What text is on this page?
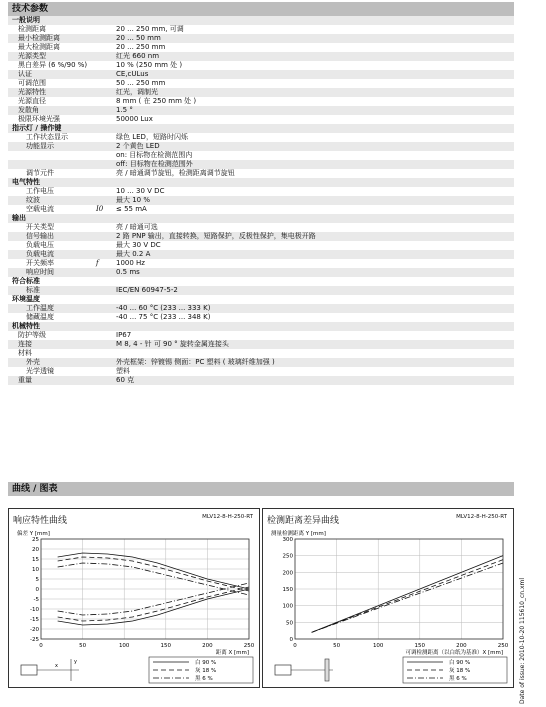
技术参数
一般说明
检测距离	20 ... 250 mm, 可调
最小检测距离	20 ... 50 mm
最大检测距离	20 ... 250 mm
光源类型	红光 660 nm
黑白差异 (6 %/90 %)	10 % (250 mm 处 )
认证	CE,cULus
可调范围	50 ... 250 mm
光源特性	红光，调制光
光源直径	8 mm ( 在 250 mm 处 )
发散角	1.5 °
极限环境光强	50000 Lux
指示灯 / 操作键
工作状态显示	绿色 LED，短路时闪烁
功能显示	2 个黄色 LED
on: 目标物在检测范围内
off: 目标物在检测范围外
调节元件	亮 / 暗通调节旋钮，检测距离调节旋钮
电气特性
工作电压	10 ... 30 V DC
纹波	最大 10 %
空载电流	I0 ≤ 55 mA
输出
开关类型	亮 / 暗通可选
信号输出	2 路 PNP 输出，直接转换，短路保护，反极性保护，集电极开路
负载电压	最大 30 V DC
负载电流	最大 0.2 A
开关频率	f 1000 Hz
响应时间	0.5 ms
符合标准
标准	IEC/EN 60947-5-2
环境温度
工作温度	-40 ... 60 °C (233 ... 333 K)
储藏温度	-40 ... 75 °C (233 ... 348 K)
机械特性
防护等级	IP67
连接	M 8, 4 - 针 可 90 ° 旋转金属连接头
材料
外壳	外壳框架：锌镀锡 侧面：PC 塑料 ( 玻璃纤维加强 )
光学透镜	塑料
重量	60 克
曲线 / 图表
响应特性曲线	MLV12-8-H-250-RT
0	50	100	150	200	250
-25
-20
-15
-10
-5
0
5
10
15
20
25
偏差 Y [mm]
距离 X [mm]
白 90 %
灰 18 %
黑 6 %
x
y
检测距离差异曲线	MLV12-8-H-250-RT
0	50	100	150	200	250
0
50
100
150
200
250
300
测量检测距离 Y [mm]
可调检测距离（以白纸为基准）X [mm]
白 90 %
灰 18 %
黑 6 %	Date of issue: 2010-10-20 115610_cn.xml
